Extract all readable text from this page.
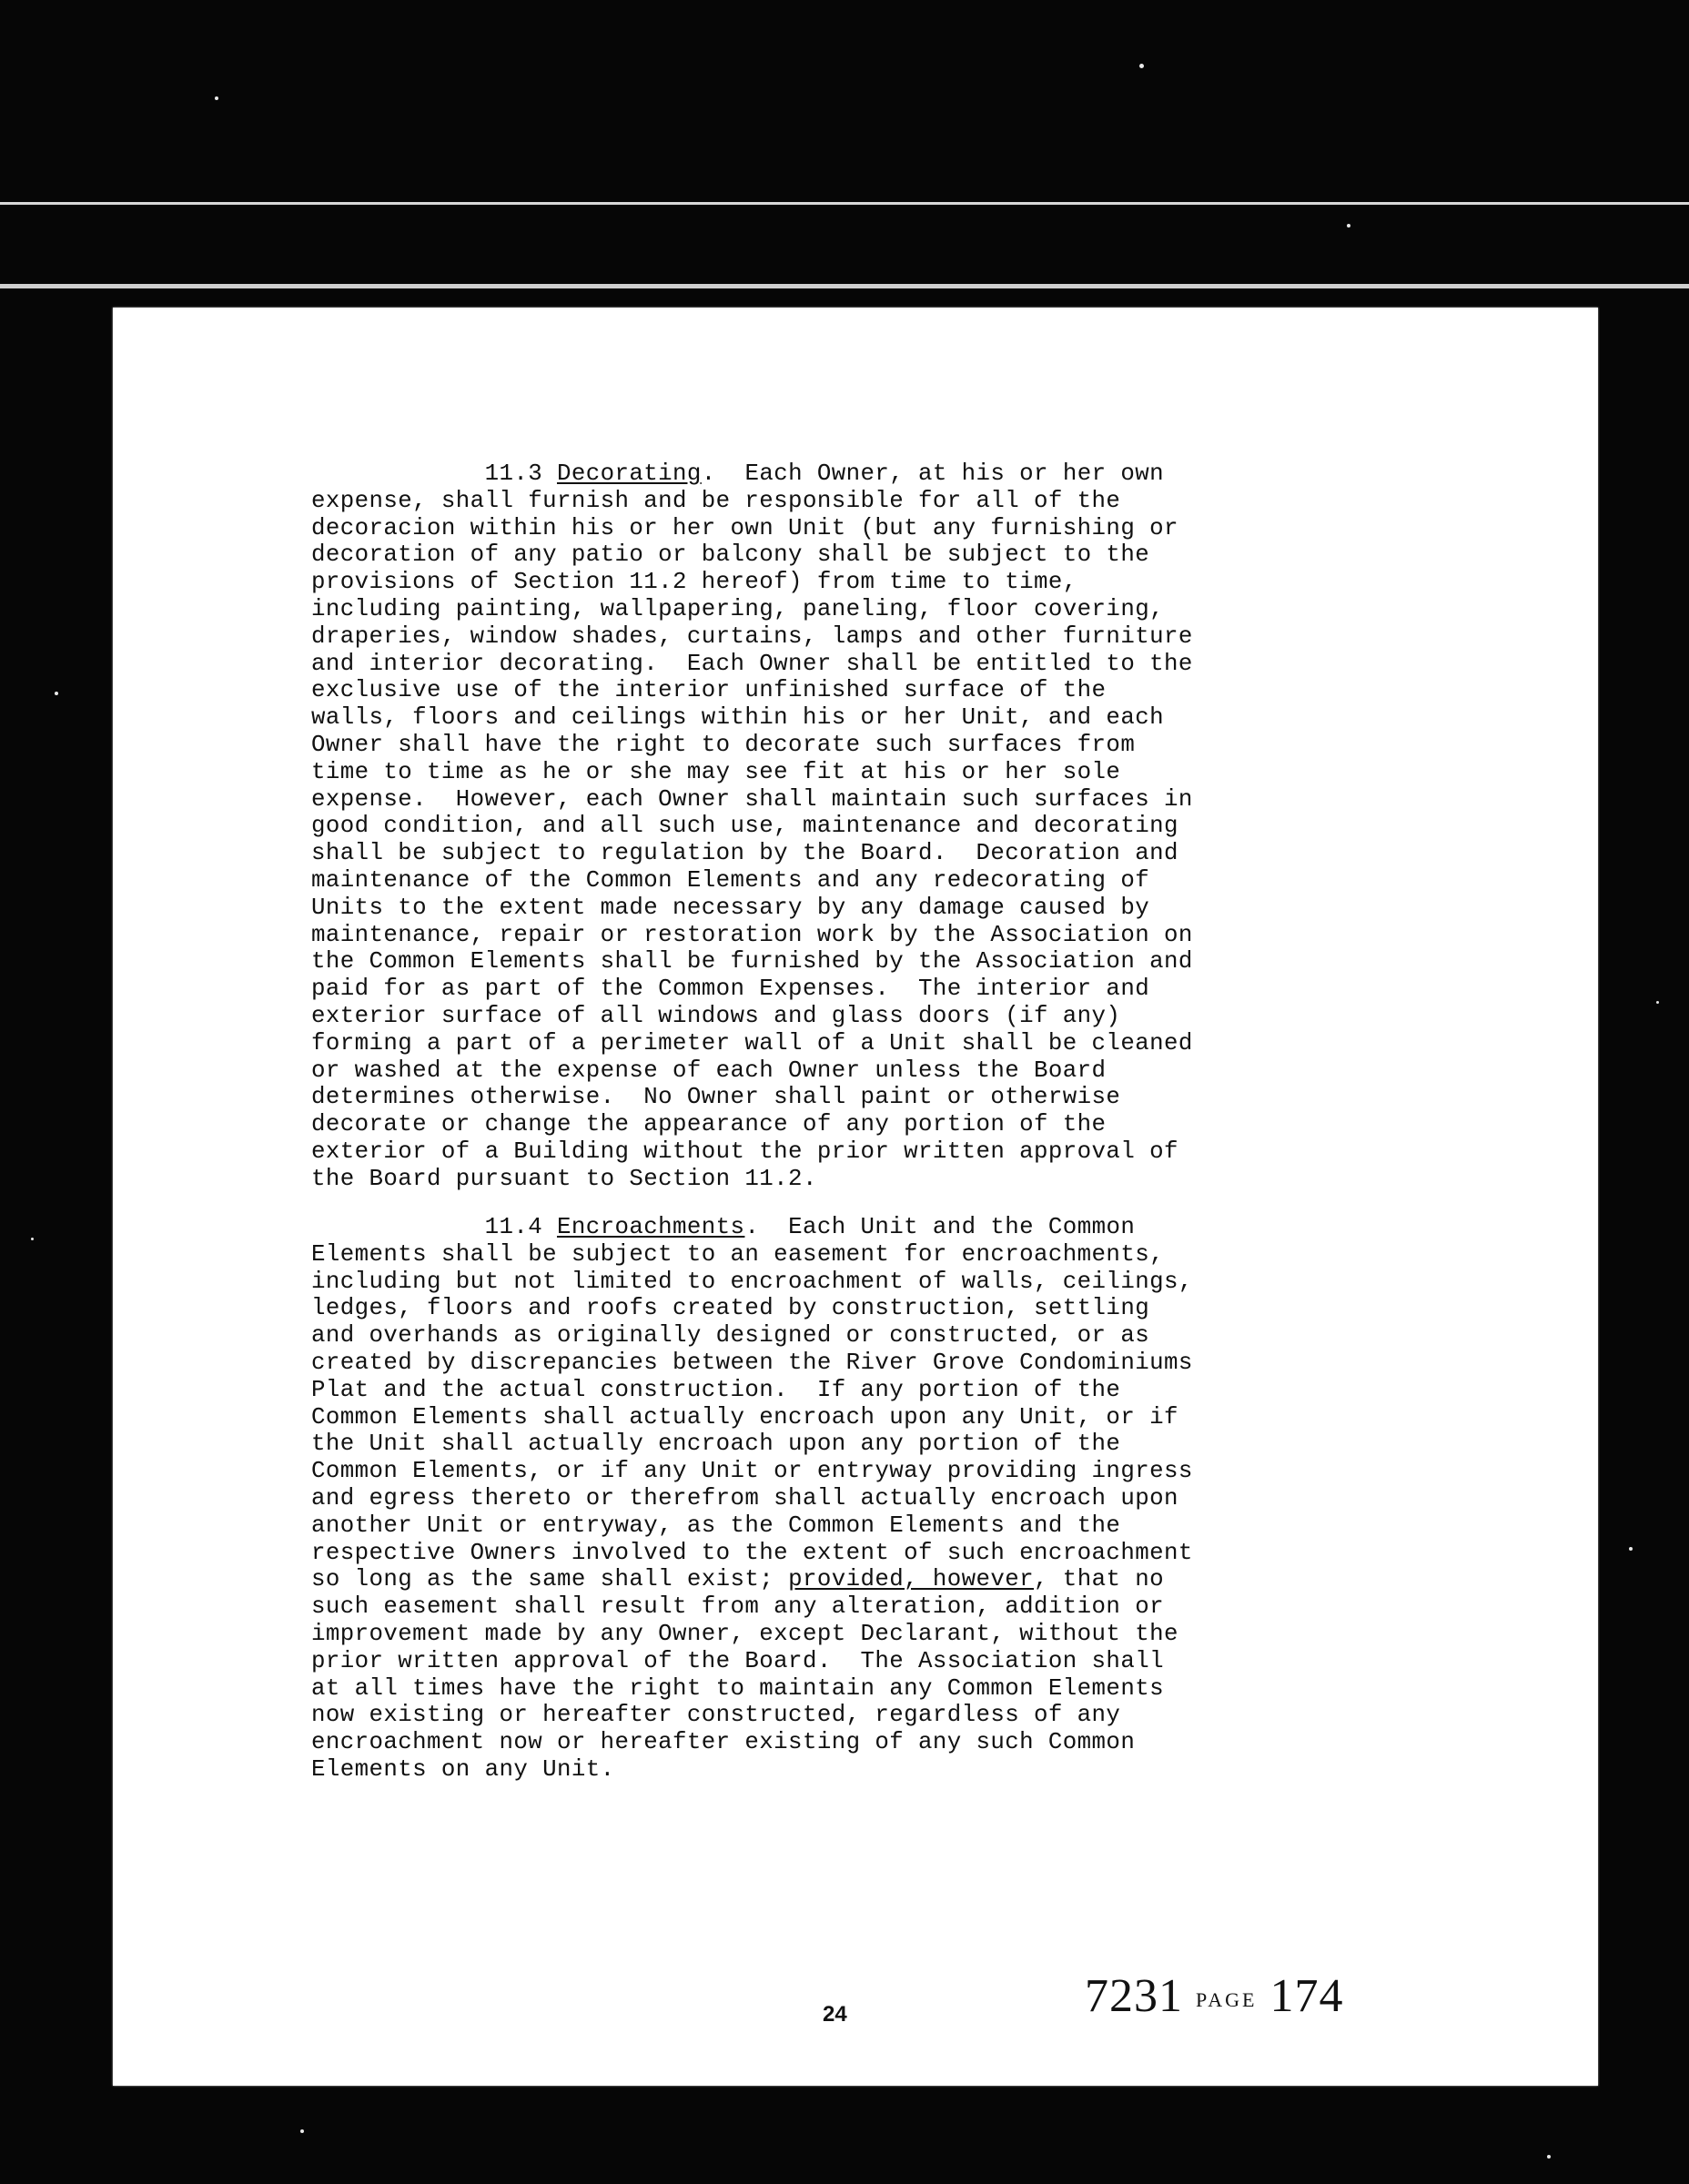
11.3 Decorating.  Each Owner, at his or her own
expense, shall furnish and be responsible for all of the
decoracion within his or her own Unit (but any furnishing or
decoration of any patio or balcony shall be subject to the
provisions of Section 11.2 hereof) from time to time,
including painting, wallpapering, paneling, floor covering,
draperies, window shades, curtains, lamps and other furniture
and interior decorating.  Each Owner shall be entitled to the
exclusive use of the interior unfinished surface of the
walls, floors and ceilings within his or her Unit, and each
Owner shall have the right to decorate such surfaces from
time to time as he or she may see fit at his or her sole
expense.  However, each Owner shall maintain such surfaces in
good condition, and all such use, maintenance and decorating
shall be subject to regulation by the Board.  Decoration and
maintenance of the Common Elements and any redecorating of
Units to the extent made necessary by any damage caused by
maintenance, repair or restoration work by the Association on
the Common Elements shall be furnished by the Association and
paid for as part of the Common Expenses.  The interior and
exterior surface of all windows and glass doors (if any)
forming a part of a perimeter wall of a Unit shall be cleaned
or washed at the expense of each Owner unless the Board
determines otherwise.  No Owner shall paint or otherwise
decorate or change the appearance of any portion of the
exterior of a Building without the prior written approval of
the Board pursuant to Section 11.2.
11.4 Encroachments.  Each Unit and the Common
Elements shall be subject to an easement for encroachments,
including but not limited to encroachment of walls, ceilings,
ledges, floors and roofs created by construction, settling
and overhands as originally designed or constructed, or as
created by discrepancies between the River Grove Condominiums
Plat and the actual construction.  If any portion of the
Common Elements shall actually encroach upon any Unit, or if
the Unit shall actually encroach upon any portion of the
Common Elements, or if any Unit or entryway providing ingress
and egress thereto or therefrom shall actually encroach upon
another Unit or entryway, as the Common Elements and the
respective Owners involved to the extent of such encroachment
so long as the same shall exist; provided, however, that no
such easement shall result from any alteration, addition or
improvement made by any Owner, except Declarant, without the
prior written approval of the Board.  The Association shall
at all times have the right to maintain any Common Elements
now existing or hereafter constructed, regardless of any
encroachment now or hereafter existing of any such Common
Elements on any Unit.
24	7231 PAGE 174
